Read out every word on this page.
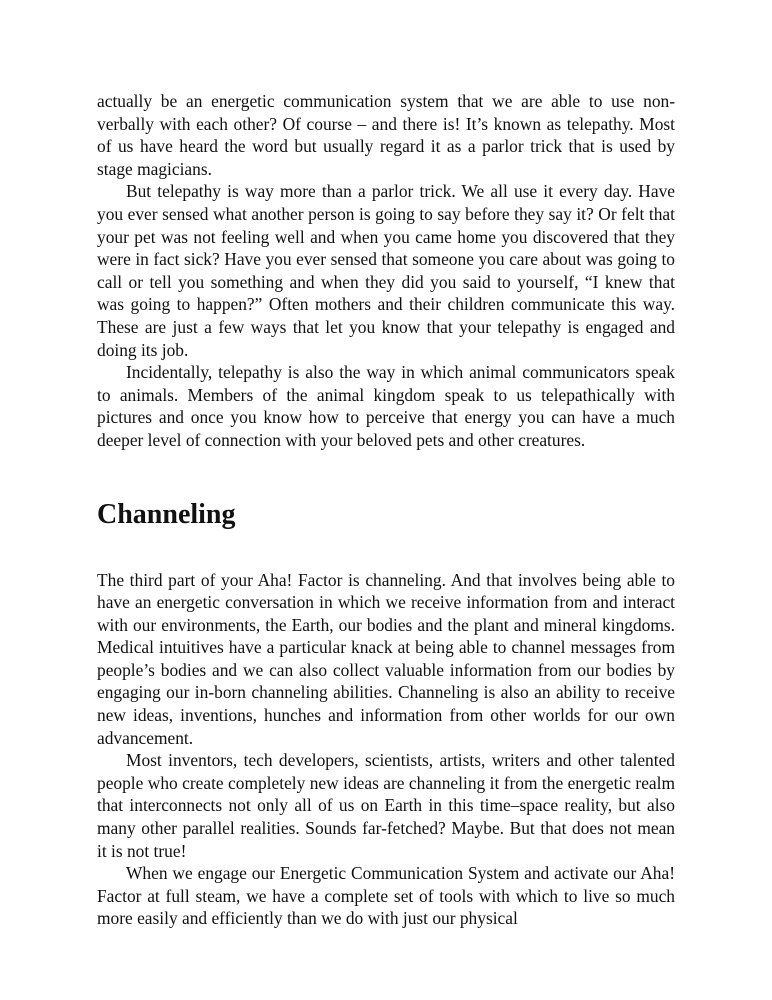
actually be an energetic communication system that we are able to use non-verbally with each other? Of course – and there is! It’s known as telepathy. Most of us have heard the word but usually regard it as a parlor trick that is used by stage magicians.

But telepathy is way more than a parlor trick. We all use it every day. Have you ever sensed what another person is going to say before they say it? Or felt that your pet was not feeling well and when you came home you discovered that they were in fact sick? Have you ever sensed that someone you care about was going to call or tell you something and when they did you said to yourself, “I knew that was going to happen?” Often mothers and their children communicate this way. These are just a few ways that let you know that your telepathy is engaged and doing its job.

Incidentally, telepathy is also the way in which animal communicators speak to animals. Members of the animal kingdom speak to us telepathically with pictures and once you know how to perceive that energy you can have a much deeper level of connection with your beloved pets and other creatures.

Channeling

The third part of your Aha! Factor is channeling. And that involves being able to have an energetic conversation in which we receive information from and interact with our environments, the Earth, our bodies and the plant and mineral kingdoms. Medical intuitives have a particular knack at being able to channel messages from people’s bodies and we can also collect valuable information from our bodies by engaging our in-born channeling abilities. Channeling is also an ability to receive new ideas, inventions, hunches and information from other worlds for our own advancement.

Most inventors, tech developers, scientists, artists, writers and other talented people who create completely new ideas are channeling it from the energetic realm that interconnects not only all of us on Earth in this time–space reality, but also many other parallel realities. Sounds far-fetched? Maybe. But that does not mean it is not true!

When we engage our Energetic Communication System and activate our Aha! Factor at full steam, we have a complete set of tools with which to live so much more easily and efficiently than we do with just our physical
